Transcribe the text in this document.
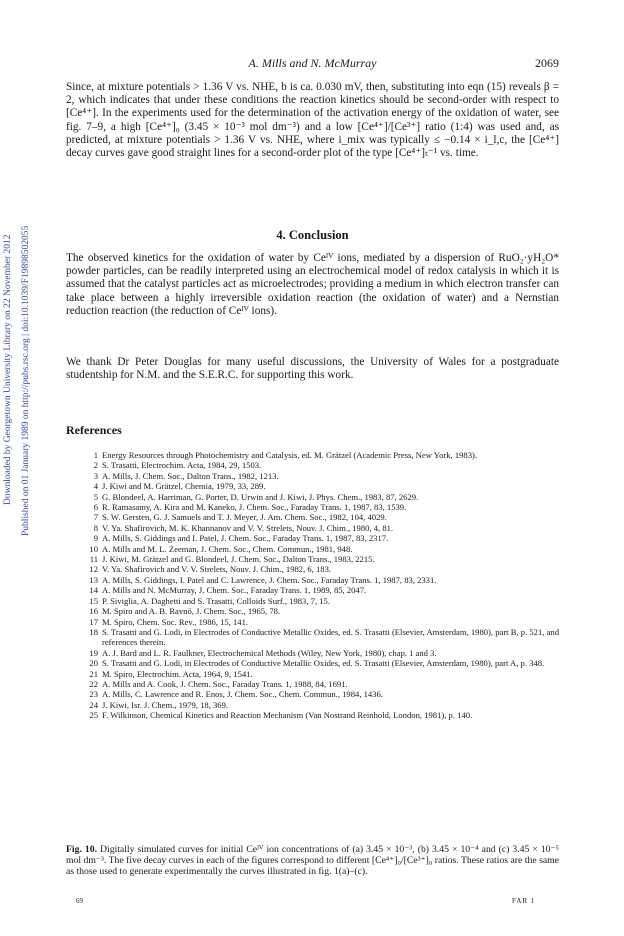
Downloaded by Georgetown University Library on 22 November 2012 Published on 01 January 1989 on http://pubs.rsc.org | doi:10.1039/F19898502055
A. Mills and N. McMurray	2069

Since, at mixture potentials > 1.36 V vs. NHE, b is ca. 0.030 mV, then, substituting into eqn (15) reveals β = 2, which indicates that under these conditions the reaction kinetics should be second-order with respect to [Ce⁴⁺]. In the experiments used for the determination of the activation energy of the oxidation of water, see fig. 7–9, a high [Ce⁴⁺]₀ (3.45 × 10⁻³ mol dm⁻³) and a low [Ce⁴⁺]/[Ce³⁺] ratio (1:4) was used and, as predicted, at mixture potentials > 1.36 V vs. NHE, where i_mix was typically ≤ −0.14 × i_l,c, the [Ce⁴⁺] decay curves gave good straight lines for a second-order plot of the type [Ce⁴⁺]ₜ⁻¹ vs. time.

4. Conclusion

The observed kinetics for the oxidation of water by Ceᴵⱽ ions, mediated by a dispersion of RuO₂·yH₂O* powder particles, can be readily interpreted using an electrochemical model of redox catalysis in which it is assumed that the catalyst particles act as microelectrodes; providing a medium in which electron transfer can take place between a highly irreversible oxidation reaction (the oxidation of water) and a Nernstian reduction reaction (the reduction of Ceᴵⱽ ions).

We thank Dr Peter Douglas for many useful discussions, the University of Wales for a postgraduate studentship for N.M. and the S.E.R.C. for supporting this work.

References
1 Energy Resources through Photochemistry and Catalysis, ed. M. Grätzel (Academic Press, New York, 1983).
2 S. Trasatti, Electrochim. Acta, 1984, 29, 1503.
3 A. Mills, J. Chem. Soc., Dalton Trans., 1982, 1213.
4 J. Kiwi and M. Grätzel, Chemia, 1979, 33, 289.
5 G. Blondeel, A. Harriman, G. Porter, D. Urwin and J. Kiwi, J. Phys. Chem., 1983, 87, 2629.
6 R. Ramasamy, A. Kira and M. Kaneko, J. Chem. Soc., Faraday Trans. 1, 1987, 83, 1539.
7 S. W. Gersten, G. J. Samuels and T. J. Meyer, J. Am. Chem. Soc., 1982, 104, 4029.
8 V. Ya. Shafirovich, M. K. Khannanov and V. V. Strelets, Nouv. J. Chim., 1980, 4, 81.
9 A. Mills, S. Giddings and I. Patel, J. Chem. Soc., Faraday Trans. 1, 1987, 83, 2317.
10 A. Mills and M. L. Zeeman, J. Chem. Soc., Chem. Commun., 1981, 948.
11 J. Kiwi, M. Grätzel and G. Blondeel, J. Chem. Soc., Dalton Trans., 1983, 2215.
12 V. Ya. Shafirovich and V. V. Strelets, Nouv. J. Chim., 1982, 6, 183.
13 A. Mills, S. Giddings, I. Patel and C. Lawrence, J. Chem. Soc., Faraday Trans. 1, 1987, 83, 2331.
14 A. Mills and N. McMurray, J. Chem. Soc., Faraday Trans. 1, 1989, 85, 2047.
15 P. Siviglia, A. Daghetti and S. Trasatti, Colloids Surf., 1983, 7, 15.
16 M. Spiro and A. B. Ravnö, J. Chem. Soc., 1965, 78.
17 M. Spiro, Chem. Soc. Rev., 1986, 15, 141.
18 S. Trasatti and G. Lodi, in Electrodes of Conductive Metallic Oxides, ed. S. Trasatti (Elsevier, Amsterdam, 1980), part B, p. 521, and references therein.
19 A. J. Bard and L. R. Faulkner, Electrochemical Methods (Wiley, New York, 1980), chap. 1 and 3.
20 S. Trasatti and G. Lodi, in Electrodes of Conductive Metallic Oxides, ed. S. Trasatti (Elsevier, Amsterdam, 1980), part A, p. 348.
21 M. Spiro, Electrochim. Acta, 1964, 9, 1541.
22 A. Mills and A. Cook, J. Chem. Soc., Faraday Trans. 1, 1988, 84, 1691.
23 A. Mills, C. Lawrence and R. Enos, J. Chem. Soc., Chem. Commun., 1984, 1436.
24 J. Kiwi, Isr. J. Chem., 1979, 18, 369.
25 F. Wilkinson, Chemical Kinetics and Reaction Mechanism (Van Nostrand Reinhold, London, 1981), p. 140.

Fig. 10. Digitally simulated curves for initial Ceᴵⱽ ion concentrations of (a) 3.45 × 10⁻³, (b) 3.45 × 10⁻⁴ and (c) 3.45 × 10⁻⁵ mol dm⁻³. The five decay curves in each of the figures correspond to different [Ce⁴⁺]₀/[Ce³⁺]₀ ratios. These ratios are the same as those used to generate experimentally the curves illustrated in fig. 1(a)–(c).

69	FAR 1
